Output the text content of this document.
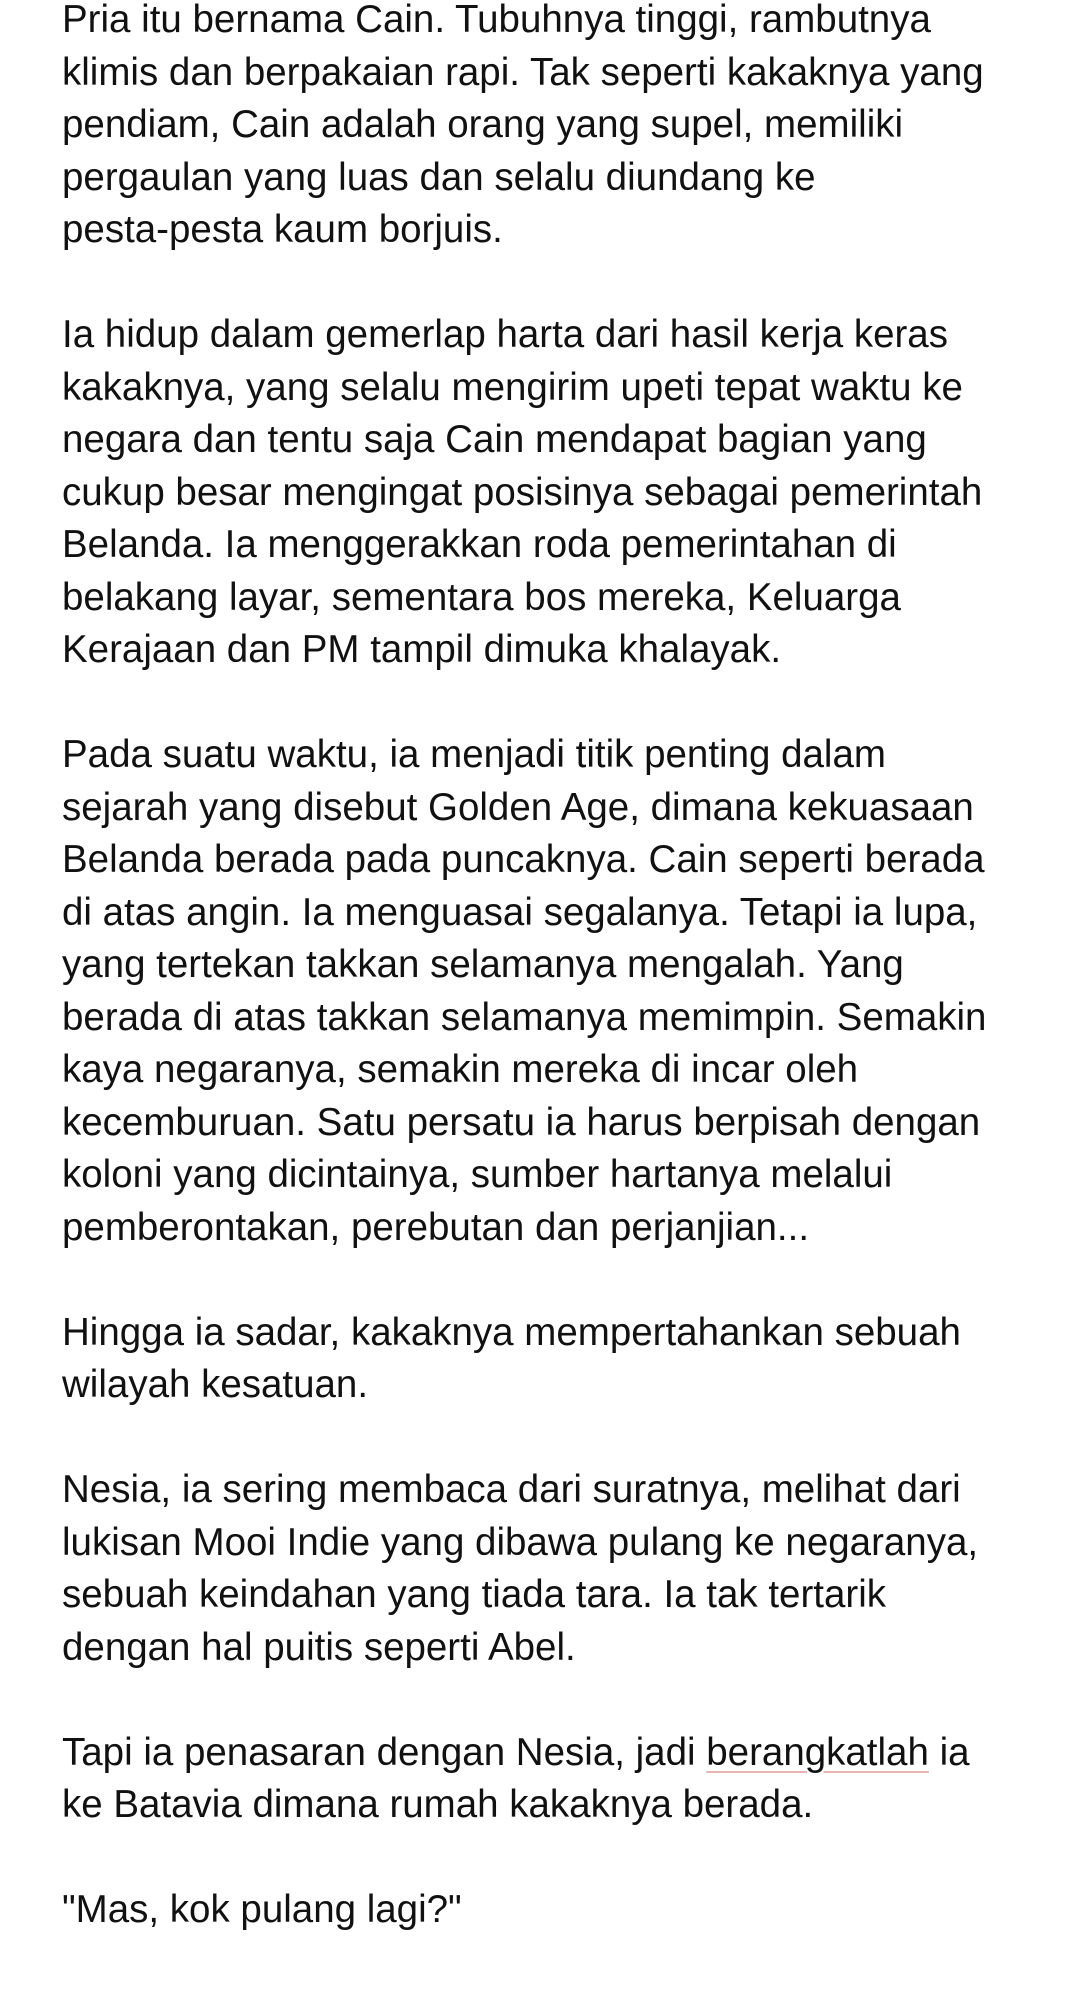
Pria itu bernama Cain. Tubuhnya tinggi, rambutnya
klimis dan berpakaian rapi. Tak seperti kakaknya yang
pendiam, Cain adalah orang yang supel, memiliki
pergaulan yang luas dan selalu diundang ke
pesta-pesta kaum borjuis.

Ia hidup dalam gemerlap harta dari hasil kerja keras
kakaknya, yang selalu mengirim upeti tepat waktu ke
negara dan tentu saja Cain mendapat bagian yang
cukup besar mengingat posisinya sebagai pemerintah
Belanda. Ia menggerakkan roda pemerintahan di
belakang layar, sementara bos mereka, Keluarga
Kerajaan dan PM tampil dimuka khalayak.

Pada suatu waktu, ia menjadi titik penting dalam
sejarah yang disebut Golden Age, dimana kekuasaan
Belanda berada pada puncaknya. Cain seperti berada
di atas angin. Ia menguasai segalanya. Tetapi ia lupa,
yang tertekan takkan selamanya mengalah. Yang
berada di atas takkan selamanya memimpin. Semakin
kaya negaranya, semakin mereka di incar oleh
kecemburuan. Satu persatu ia harus berpisah dengan
koloni yang dicintainya, sumber hartanya melalui
pemberontakan, perebutan dan perjanjian...

Hingga ia sadar, kakaknya mempertahankan sebuah
wilayah kesatuan.

Nesia, ia sering membaca dari suratnya, melihat dari
lukisan Mooi Indie yang dibawa pulang ke negaranya,
sebuah keindahan yang tiada tara. Ia tak tertarik
dengan hal puitis seperti Abel.

Tapi ia penasaran dengan Nesia, jadi berangkatlah ia
ke Batavia dimana rumah kakaknya berada.

"Mas, kok pulang lagi?"
